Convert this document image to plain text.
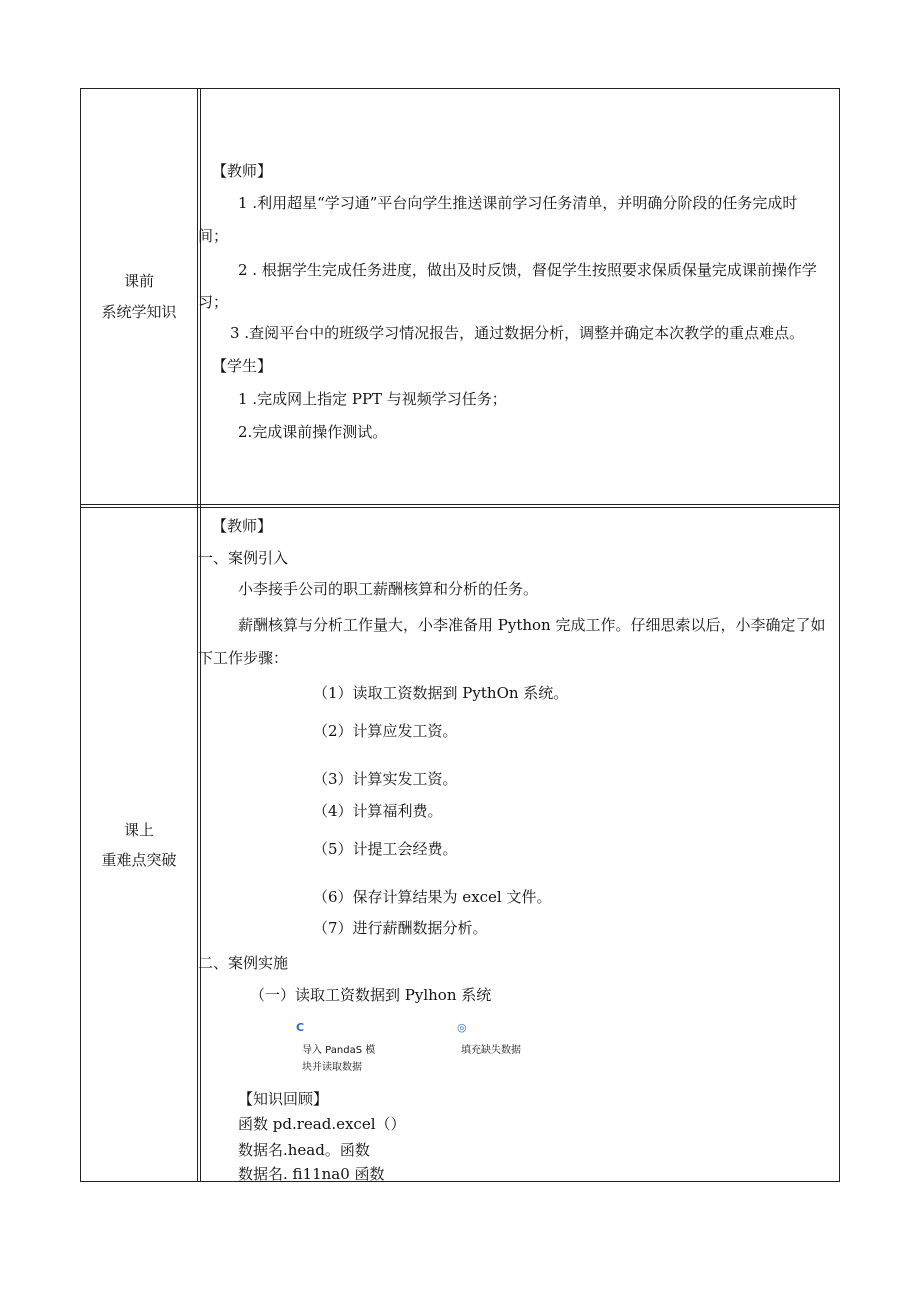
课前
系统学知识
课上
重难点突破
【教师】
1 .利用超星“学习通”平台向学生推送课前学习任务清单，并明确分阶段的任务完成时
间；
2 . 根据学生完成任务进度，做出及时反馈，督促学生按照要求保质保量完成课前操作学
习；
3 .查阅平台中的班级学习情况报告，通过数据分析，调整并确定本次教学的重点难点。
【学生】
1 .完成网上指定 PPT 与视频学习任务；
2.完成课前操作测试。
【教师】
一、案例引入
小李接手公司的职工薪酬核算和分析的任务。
薪酬核算与分析工作量大，小李准备用 Python 完成工作。仔细思索以后，小李确定了如
下工作步骤：
（1）读取工资数据到 PythOn 系统。
（2）计算应发工资。
（3）计算实发工资。
（4）计算福利费。
（5）计提工会经费。
（6）保存计算结果为 excel 文件。
（7）进行薪酬数据分析。
二、案例实施
（一）读取工资数据到 Pylhon 系统
C
导入 PandaS 模
块并读取数据
◎
填充缺失数据
【知识回顾】
函数 pd.read.excel（）
数据名.head。函数
数据名. fi11na0 函数
